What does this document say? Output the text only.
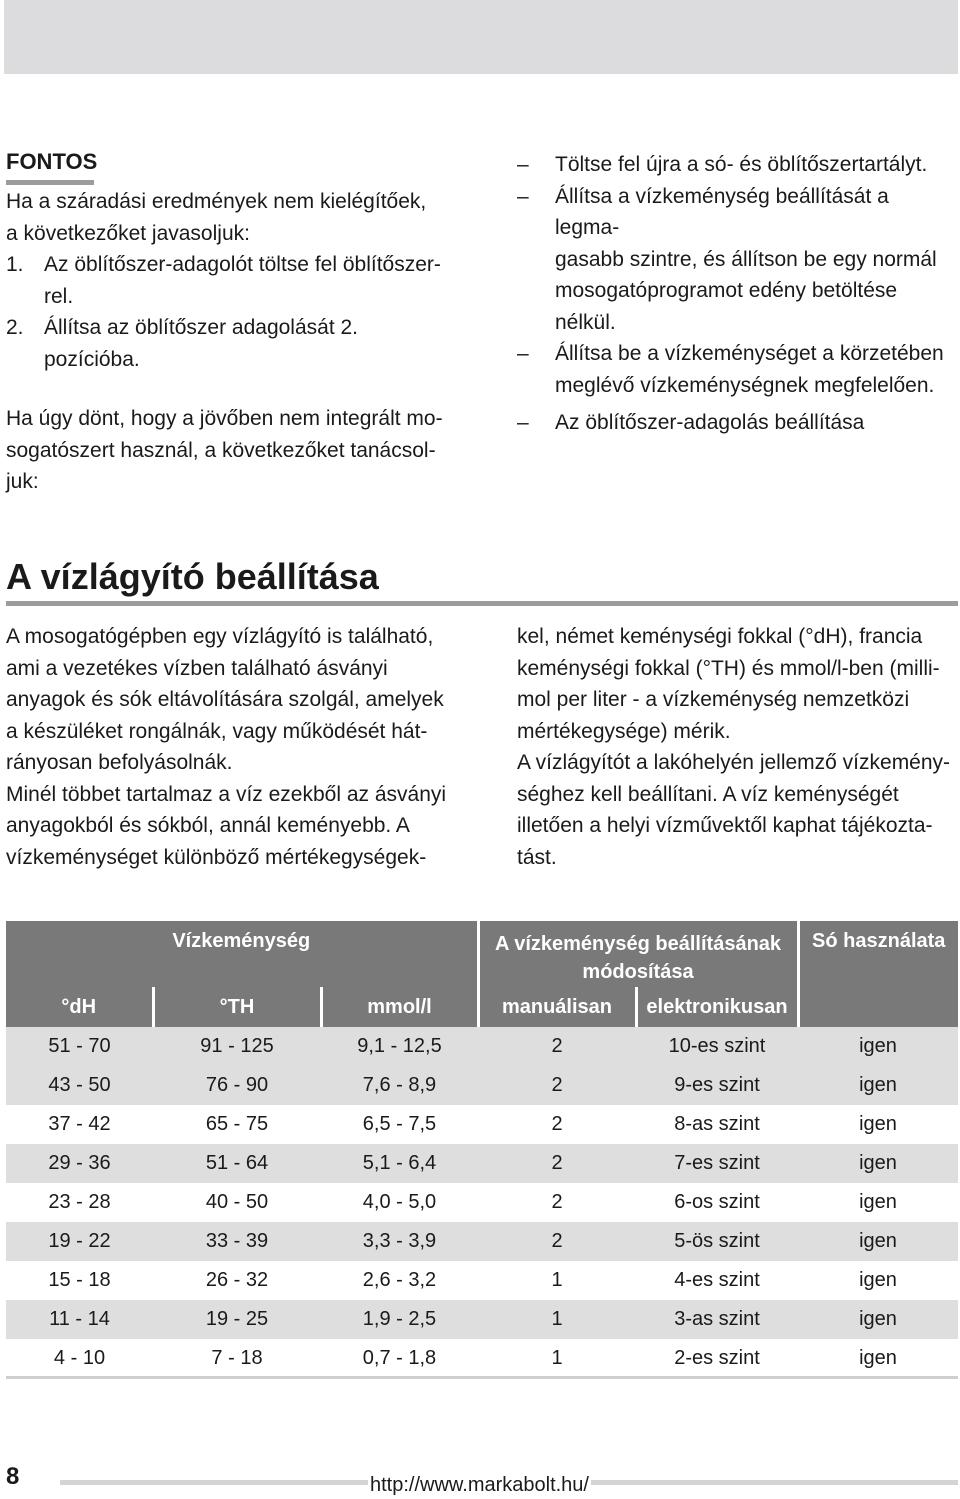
FONTOS

Ha a száradási eredmények nem kielégítőek,

a következőket javasoljuk:

1. Az öblítőszer-adagolót töltse fel öblítőszer-
rel.
2. Állítsa az öblítőszer adagolását 2.
pozícióba.

Ha úgy dönt, hogy a jövőben nem integrált mo-

sogatószert használ, a következőket tanácsol-

juk:

– Töltse fel újra a só- és öblítőszertartályt.
– Állítsa a vízkeménység beállítását a legma-
gasabb szintre, és állítson be egy normál
mosogatóprogramot edény betöltése nélkül.
– Állítsa be a vízkeménységet a körzetében
meglévő vízkeménységnek megfelelően.
– Az öblítőszer-adagolás beállítása
A vízlágyító beállítása

A mosogatógépben egy vízlágyító is található,

ami a vezetékes vízben található ásványi

anyagok és sók eltávolítására szolgál, amelyek

a készüléket rongálnák, vagy működését hát-

rányosan befolyásolnák.

Minél többet tartalmaz a víz ezekből az ásványi

anyagokból és sókból, annál keményebb. A

vízkeménységet különböző mértékegységek-

kel, német keménységi fokkal (°dH), francia

keménységi fokkal (°TH) és mmol/l-ben (milli-

mol per liter - a vízkeménység nemzetközi

mértékegysége) mérik.

A vízlágyítót a lakóhelyén jellemző vízkemény-

séghez kell beállítani. A víz keménységét

illetően a helyi vízművektől kaphat tájékozta-

tást.

Vízkeménység			A vízkeménység beállításának
módosítása		Só használata
°dH	°TH	mmol/l	manuálisan	elektronikusan	
51 - 70	91 - 125	9,1 - 12,5	2	10-es szint	igen
43 - 50	76 - 90	7,6 - 8,9	2	9-es szint	igen
37 - 42	65 - 75	6,5 - 7,5	2	8-as szint	igen
29 - 36	51 - 64	5,1 - 6,4	2	7-es szint	igen
23 - 28	40 - 50	4,0 - 5,0	2	6-os szint	igen
19 - 22	33 - 39	3,3 - 3,9	2	5-ös szint	igen
15 - 18	26 - 32	2,6 - 3,2	1	4-es szint	igen
11 - 14	19 - 25	1,9 - 2,5	1	3-as szint	igen
4 - 10	7 - 18	0,7 - 1,8	1	2-es szint	igen
8	http://www.markabolt.hu/
